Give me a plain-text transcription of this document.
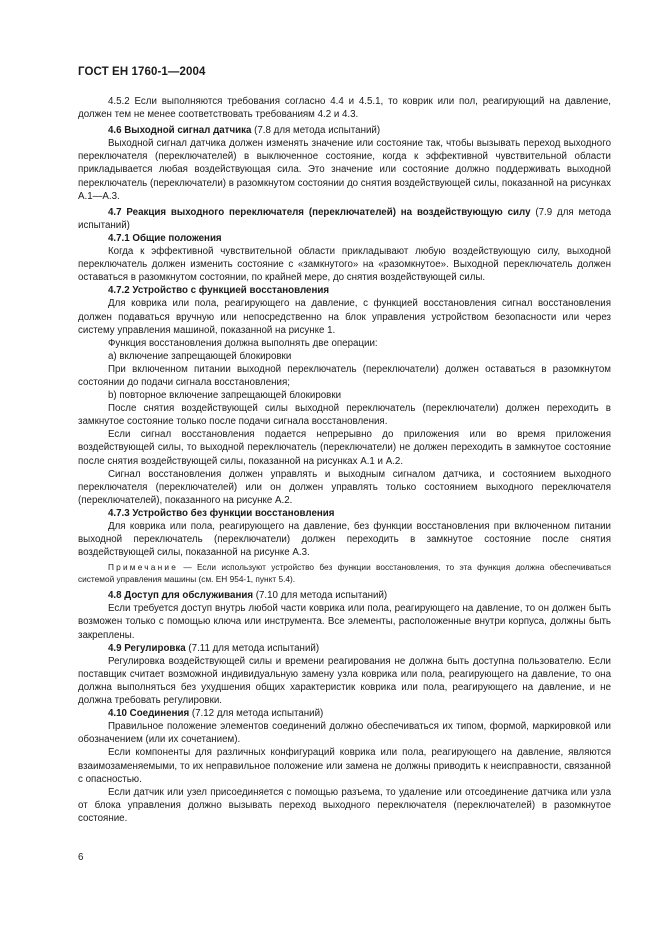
ГОСТ ЕН 1760-1—2004

4.5.2 Если выполняются требования согласно 4.4 и 4.5.1, то коврик или пол, реагирующий на давление, должен тем не менее соответствовать требованиям 4.2 и 4.3.

4.6 Выходной сигнал датчика (7.8 для метода испытаний)

Выходной сигнал датчика должен изменять значение или состояние так, чтобы вызывать переход выходного переключателя (переключателей) в выключенное состояние, когда к эффективной чувствительной области прикладывается любая воздействующая сила. Это значение или состояние должно поддерживать выходной переключатель (переключатели) в разомкнутом состоянии до снятия воздействующей силы, показанной на рисунках А.1—А.3.

4.7 Реакция выходного переключателя (переключателей) на воздействующую силу (7.9 для метода испытаний)

4.7.1 Общие положения

Когда к эффективной чувствительной области прикладывают любую воздействующую силу, выходной переключатель должен изменить состояние с «замкнутого» на «разомкнутое». Выходной переключатель должен оставаться в разомкнутом состоянии, по крайней мере, до снятия воздействующей силы.

4.7.2 Устройство с функцией восстановления

Для коврика или пола, реагирующего на давление, с функцией восстановления сигнал восстановления должен подаваться вручную или непосредственно на блок управления устройством безопасности или через систему управления машиной, показанной на рисунке 1.

Функция восстановления должна выполнять две операции:

а) включение запрещающей блокировки

При включенном питании выходной переключатель (переключатели) должен оставаться в разомкнутом состоянии до подачи сигнала восстановления;

b) повторное включение запрещающей блокировки

После снятия воздействующей силы выходной переключатель (переключатели) должен переходить в замкнутое состояние только после подачи сигнала восстановления.

Если сигнал восстановления подается непрерывно до приложения или во время приложения воздействующей силы, то выходной переключатель (переключатели) не должен переходить в замкнутое состояние после снятия воздействующей силы, показанной на рисунках А.1 и А.2.

Сигнал восстановления должен управлять и выходным сигналом датчика, и состоянием выходного переключателя (переключателей) или он должен управлять только состоянием выходного переключателя (переключателей), показанного на рисунке А.2.

4.7.3 Устройство без функции восстановления

Для коврика или пола, реагирующего на давление, без функции восстановления при включенном питании выходной переключатель (переключатели) должен переходить в замкнутое состояние после снятия воздействующей силы, показанной на рисунке А.3.

Примечание — Если используют устройство без функции восстановления, то эта функция должна обеспечиваться системой управления машины (см. ЕН 954-1, пункт 5.4).

4.8 Доступ для обслуживания (7.10 для метода испытаний)

Если требуется доступ внутрь любой части коврика или пола, реагирующего на давление, то он должен быть возможен только с помощью ключа или инструмента. Все элементы, расположенные внутри корпуса, должны быть закреплены.

4.9 Регулировка (7.11 для метода испытаний)

Регулировка воздействующей силы и времени реагирования не должна быть доступна пользователю. Если поставщик считает возможной индивидуальную замену узла коврика или пола, реагирующего на давление, то она должна выполняться без ухудшения общих характеристик коврика или пола, реагирующего на давление, и не должна требовать регулировки.

4.10 Соединения (7.12 для метода испытаний)

Правильное положение элементов соединений должно обеспечиваться их типом, формой, маркировкой или обозначением (или их сочетанием).

Если компоненты для различных конфигураций коврика или пола, реагирующего на давление, являются взаимозаменяемыми, то их неправильное положение или замена не должны приводить к неисправности, связанной с опасностью.

Если датчик или узел присоединяется с помощью разъема, то удаление или отсоединение датчика или узла от блока управления должно вызывать переход выходного переключателя (переключателей) в разомкнутое состояние.

6
